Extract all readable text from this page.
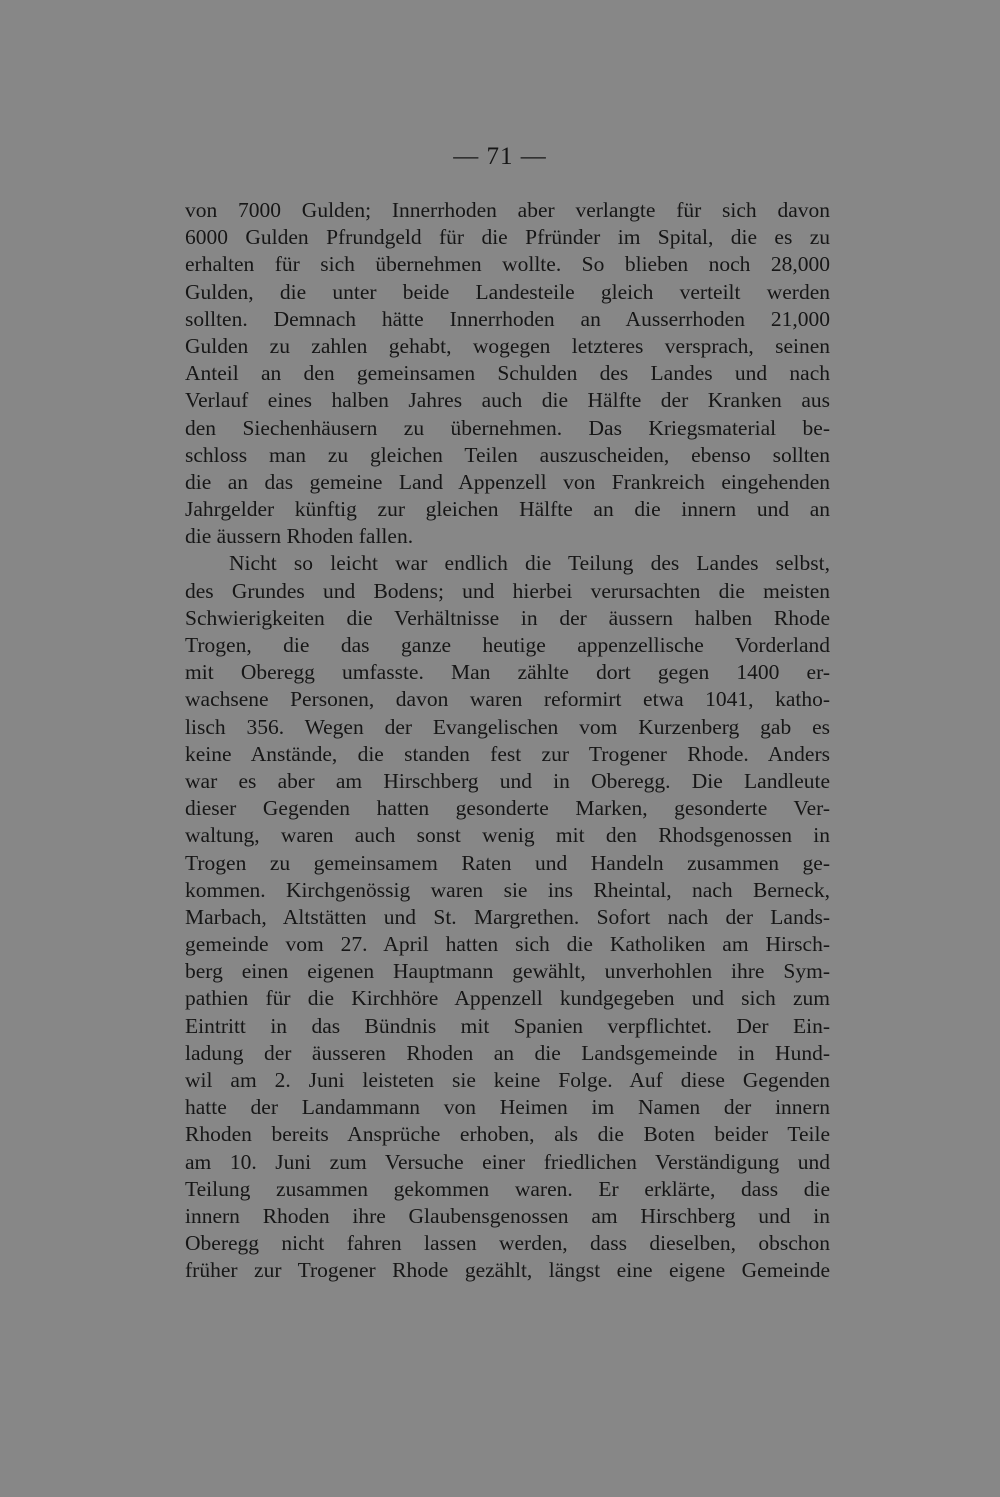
— 71 —
von 7000 Gulden; Innerrhoden aber verlangte für sich davon
6000 Gulden Pfrundgeld für die Pfründer im Spital, die es zu
erhalten für sich übernehmen wollte. So blieben noch 28,000
Gulden, die unter beide Landesteile gleich verteilt werden
sollten. Demnach hätte Innerrhoden an Ausserrhoden 21,000
Gulden zu zahlen gehabt, wogegen letzteres versprach, seinen
Anteil an den gemeinsamen Schulden des Landes und nach
Verlauf eines halben Jahres auch die Hälfte der Kranken aus
den Siechenhäusern zu übernehmen. Das Kriegsmaterial be-
schloss man zu gleichen Teilen auszuscheiden, ebenso sollten
die an das gemeine Land Appenzell von Frankreich eingehenden
Jahrgelder künftig zur gleichen Hälfte an die innern und an
die äussern Rhoden fallen.
Nicht so leicht war endlich die Teilung des Landes selbst,
des Grundes und Bodens; und hierbei verursachten die meisten
Schwierigkeiten die Verhältnisse in der äussern halben Rhode
Trogen, die das ganze heutige appenzellische Vorderland
mit Oberegg umfasste. Man zählte dort gegen 1400 er-
wachsene Personen, davon waren reformirt etwa 1041, katho-
lisch 356. Wegen der Evangelischen vom Kurzenberg gab es
keine Anstände, die standen fest zur Trogener Rhode. Anders
war es aber am Hirschberg und in Oberegg. Die Landleute
dieser Gegenden hatten gesonderte Marken, gesonderte Ver-
waltung, waren auch sonst wenig mit den Rhodsgenossen in
Trogen zu gemeinsamem Raten und Handeln zusammen ge-
kommen. Kirchgenössig waren sie ins Rheintal, nach Berneck,
Marbach, Altstätten und St. Margrethen. Sofort nach der Lands-
gemeinde vom 27. April hatten sich die Katholiken am Hirsch-
berg einen eigenen Hauptmann gewählt, unverhohlen ihre Sym-
pathien für die Kirchhöre Appenzell kundgegeben und sich zum
Eintritt in das Bündnis mit Spanien verpflichtet. Der Ein-
ladung der äusseren Rhoden an die Landsgemeinde in Hund-
wil am 2. Juni leisteten sie keine Folge. Auf diese Gegenden
hatte der Landammann von Heimen im Namen der innern
Rhoden bereits Ansprüche erhoben, als die Boten beider Teile
am 10. Juni zum Versuche einer friedlichen Verständigung und
Teilung zusammen gekommen waren. Er erklärte, dass die
innern Rhoden ihre Glaubensgenossen am Hirschberg und in
Oberegg nicht fahren lassen werden, dass dieselben, obschon
früher zur Trogener Rhode gezählt, längst eine eigene Gemeinde
